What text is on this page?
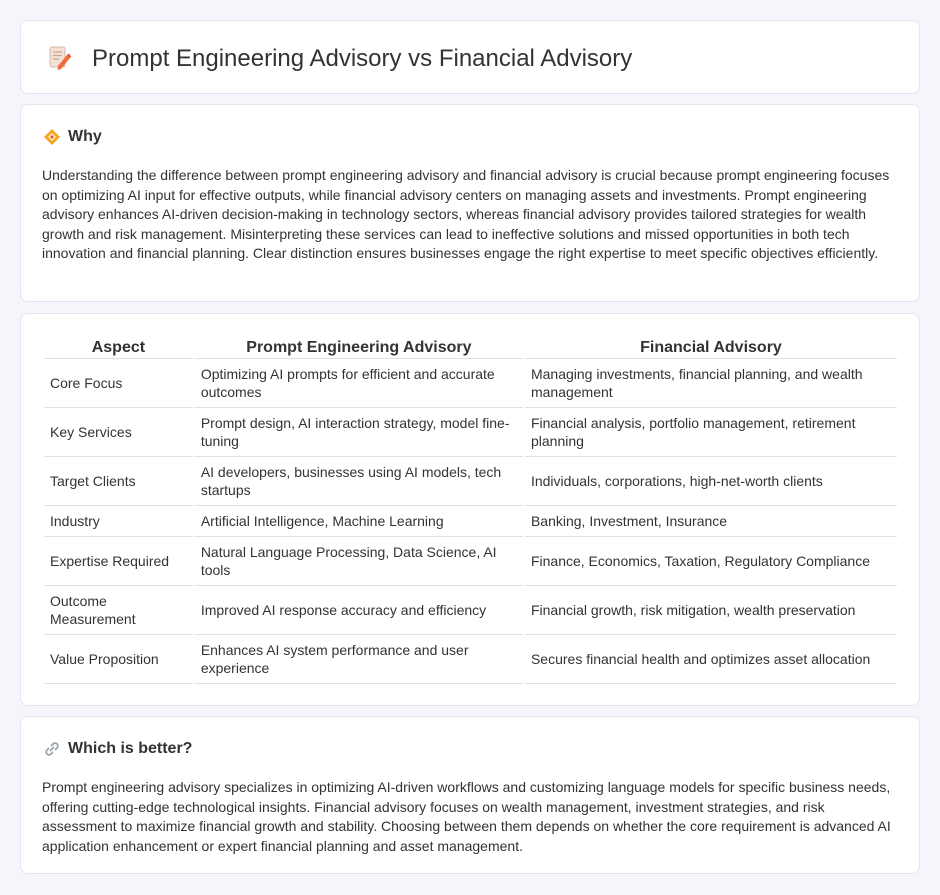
Prompt Engineering Advisory vs Financial Advisory
Why

Understanding the difference between prompt engineering advisory and financial advisory is crucial because prompt engineering focuses on optimizing AI input for effective outputs, while financial advisory centers on managing assets and investments. Prompt engineering advisory enhances AI-driven decision-making in technology sectors, whereas financial advisory provides tailored strategies for wealth growth and risk management. Misinterpreting these services can lead to ineffective solutions and missed opportunities in both tech innovation and financial planning. Clear distinction ensures businesses engage the right expertise to meet specific objectives efficiently.

Aspect	Prompt Engineering Advisory	Financial Advisory
Core Focus	Optimizing AI prompts for efficient and accurate outcomes	Managing investments, financial planning, and wealth management
Key Services	Prompt design, AI interaction strategy, model fine-tuning	Financial analysis, portfolio management, retirement planning
Target Clients	AI developers, businesses using AI models, tech startups	Individuals, corporations, high-net-worth clients
Industry	Artificial Intelligence, Machine Learning	Banking, Investment, Insurance
Expertise Required	Natural Language Processing, Data Science, AI tools	Finance, Economics, Taxation, Regulatory Compliance
Outcome Measurement	Improved AI response accuracy and efficiency	Financial growth, risk mitigation, wealth preservation
Value Proposition	Enhances AI system performance and user experience	Secures financial health and optimizes asset allocation
Which is better?

Prompt engineering advisory specializes in optimizing AI-driven workflows and customizing language models for specific business needs, offering cutting-edge technological insights. Financial advisory focuses on wealth management, investment strategies, and risk assessment to maximize financial growth and stability. Choosing between them depends on whether the core requirement is advanced AI application enhancement or expert financial planning and asset management.
